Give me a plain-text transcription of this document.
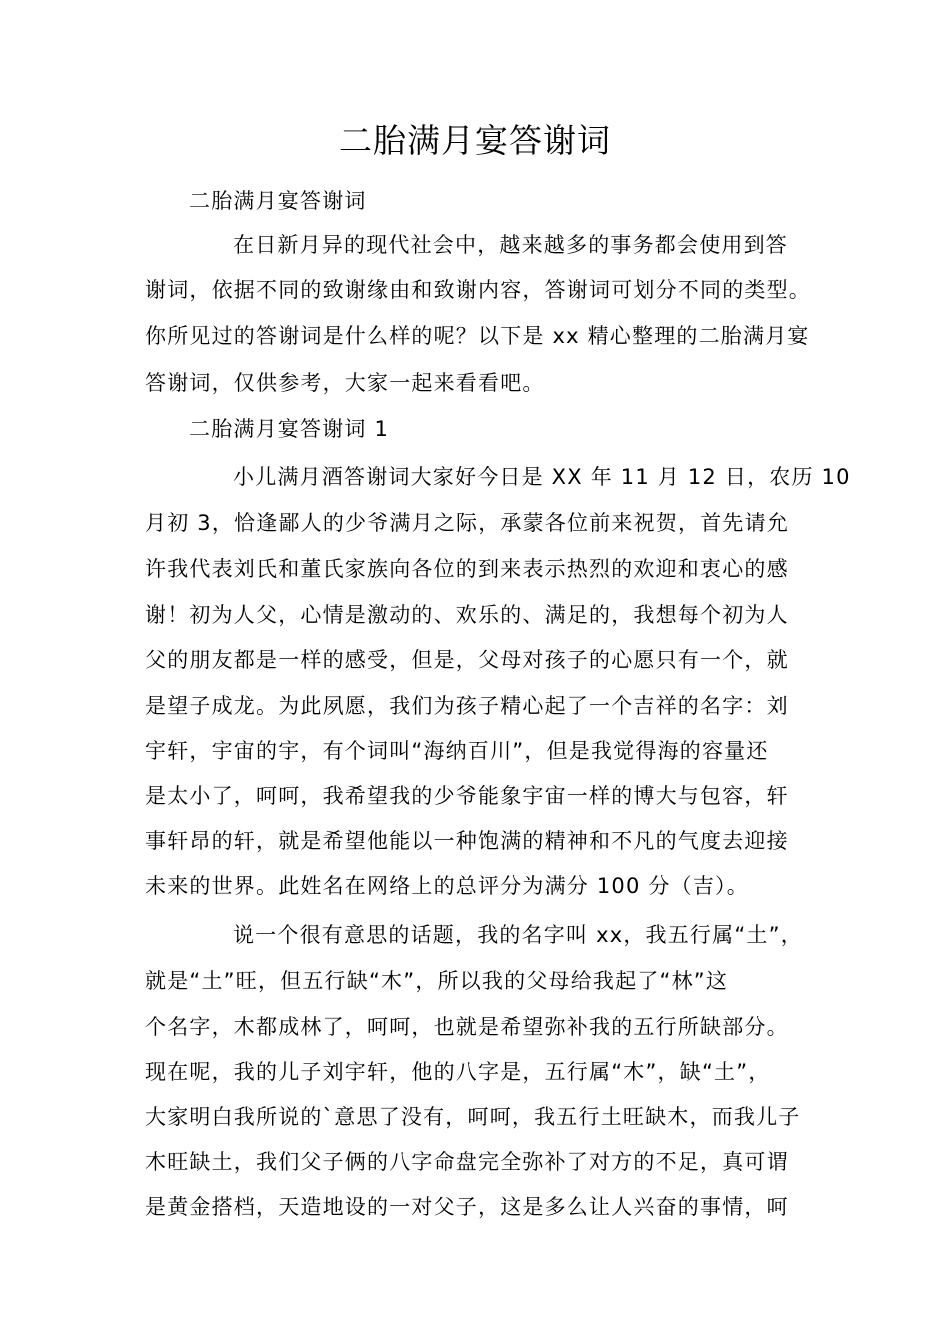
二胎满月宴答谢词
二胎满月宴答谢词
在日新月异的现代社会中，越来越多的事务都会使用到答
谢词，依据不同的致谢缘由和致谢内容，答谢词可划分不同的类型。
你所见过的答谢词是什么样的呢？以下是 xx 精心整理的二胎满月宴
答谢词，仅供参考，大家一起来看看吧。
二胎满月宴答谢词 1
小儿满月酒答谢词大家好今日是 XX 年 11 月 12 日，农历 10
月初 3，恰逢鄙人的少爷满月之际，承蒙各位前来祝贺，首先请允
许我代表刘氏和董氏家族向各位的到来表示热烈的欢迎和衷心的感
谢！初为人父，心情是激动的、欢乐的、满足的，我想每个初为人
父的朋友都是一样的感受，但是，父母对孩子的心愿只有一个，就
是望子成龙。为此夙愿，我们为孩子精心起了一个吉祥的名字：刘
宇轩，宇宙的宇，有个词叫“海纳百川”，但是我觉得海的容量还
是太小了，呵呵，我希望我的少爷能象宇宙一样的博大与包容，轩
事轩昂的轩，就是希望他能以一种饱满的精神和不凡的气度去迎接
未来的世界。此姓名在网络上的总评分为满分 100 分（吉）。
说一个很有意思的话题，我的名字叫 xx，我五行属“土”，
就是“土”旺，但五行缺“木”，所以我的父母给我起了“林”这
个名字，木都成林了，呵呵，也就是希望弥补我的五行所缺部分。
现在呢，我的儿子刘宇轩，他的八字是，五行属“木”，缺“土”，
大家明白我所说的`意思了没有，呵呵，我五行土旺缺木，而我儿子
木旺缺土，我们父子俩的八字命盘完全弥补了对方的不足，真可谓
是黄金搭档，天造地设的一对父子，这是多么让人兴奋的事情，呵
